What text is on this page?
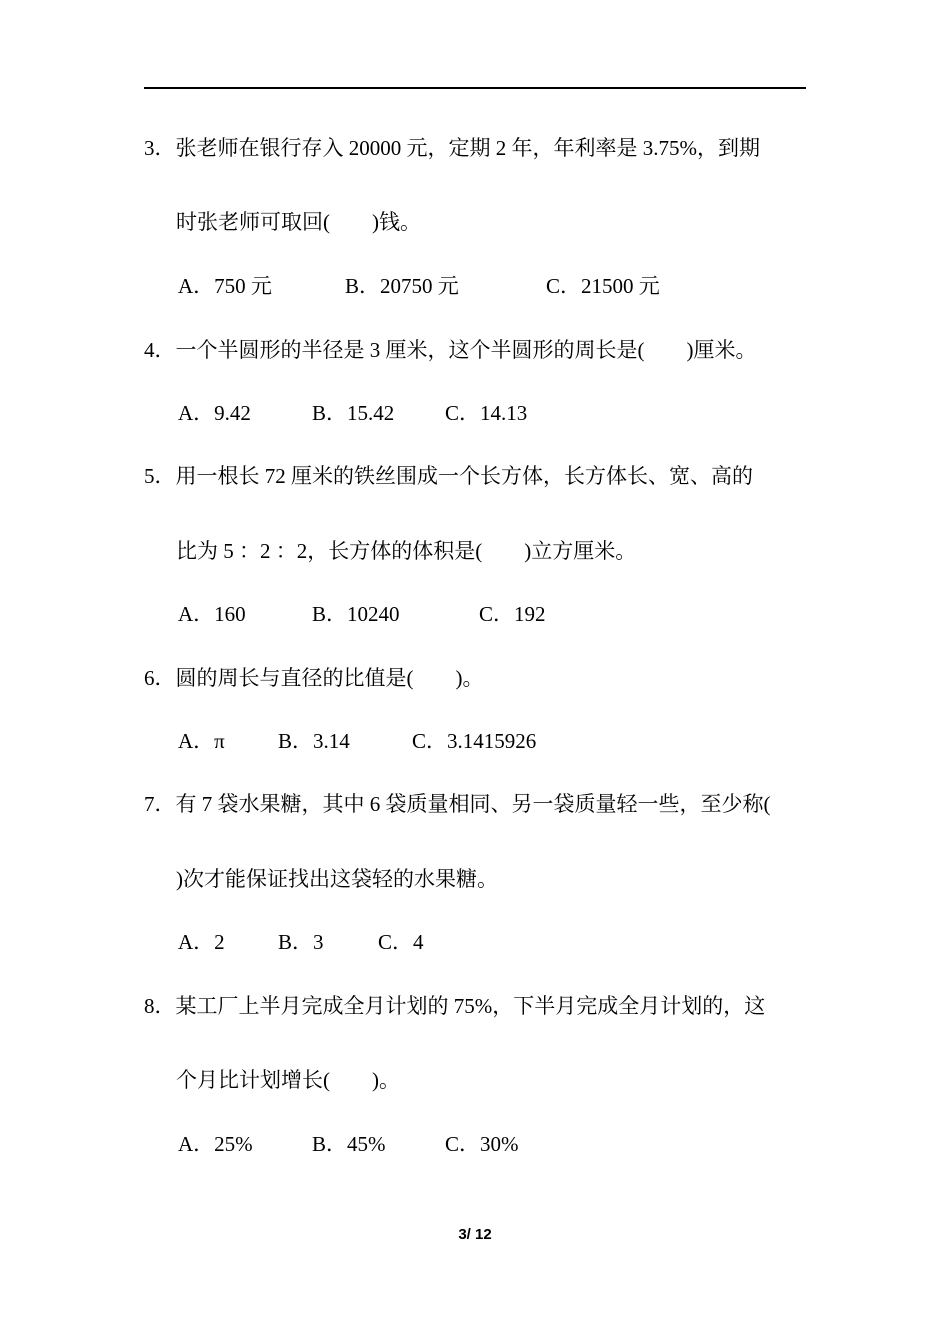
3．张老师在银行存入 20000 元，定期 2 年，年利率是 3.75%，到期
时张老师可取回(　　)钱。
A．750 元	B．20750 元	C．21500 元
4．一个半圆形的半径是 3 厘米，这个半圆形的周长是(　　)厘米。
A．9.42	B．15.42 C．14.13
5．用一根长 72 厘米的铁丝围成一个长方体，长方体长、宽、高的
比为 5 ：2 ：2，长方体的体积是(　　)立方厘米。
A．160	B．10240	C．192
6．圆的周长与直径的比值是(　　)。
A．π	B．3.14	C．3.1415926
7．有 7 袋水果糖，其中 6 袋质量相同、另一袋质量轻一些，至少称(
)次才能保证找出这袋轻的水果糖。
A．2	B．3	C．4
8．某工厂上半月完成全月计划的 75%，下半月完成全月计划的，这
个月比计划增长(　　)。
A．25%	B．45%	C．30%
3/ 12
